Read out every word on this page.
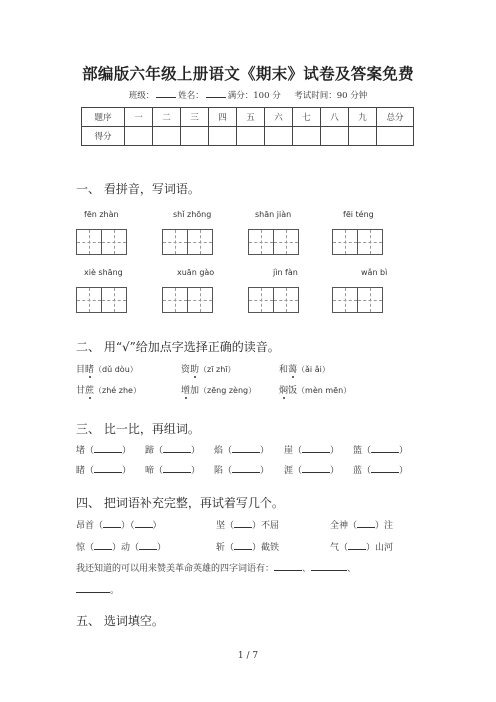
部编版六年级上册语文《期末》试卷及答案免费
班级：	姓名：	满分：100 分 考试时间：90 分钟
题序	一	二	三	四	五	六	七	八	九	总分
得分										
一、 看拼音，写词语。
fēn zhàn	shǐ zhōng	shān jiàn	fēi téng
xiè shāng	xuān gào	jìn fàn	wǎn bì
二、 用“√”给加点字选择正确的读音。
目睹（dǔ dòu）	资助（zī zhī）	和蔼（ǎi ǎi）
甘蔗（zhé zhe）	增加（zēng zèng）	焖饭（mèn mēn）
三、 比一比，再组词。
堵（	） 蹄（	） 焰（	） 崖（	） 篮（	）
睹（	） 啼（	） 陷（	） 涯（	） 蓝（	）
四、 把词语补充完整，再试着写几个。
昂首（ ）（ ）	坚（ ）不屈	全神（ ）注
惊（ ）动（ ）	斩（ ）截铁	气（ ）山河
我还知道的可以用来赞美革命英雄的四字词语有：	、	、
。
五、 选词填空。
1 / 7
